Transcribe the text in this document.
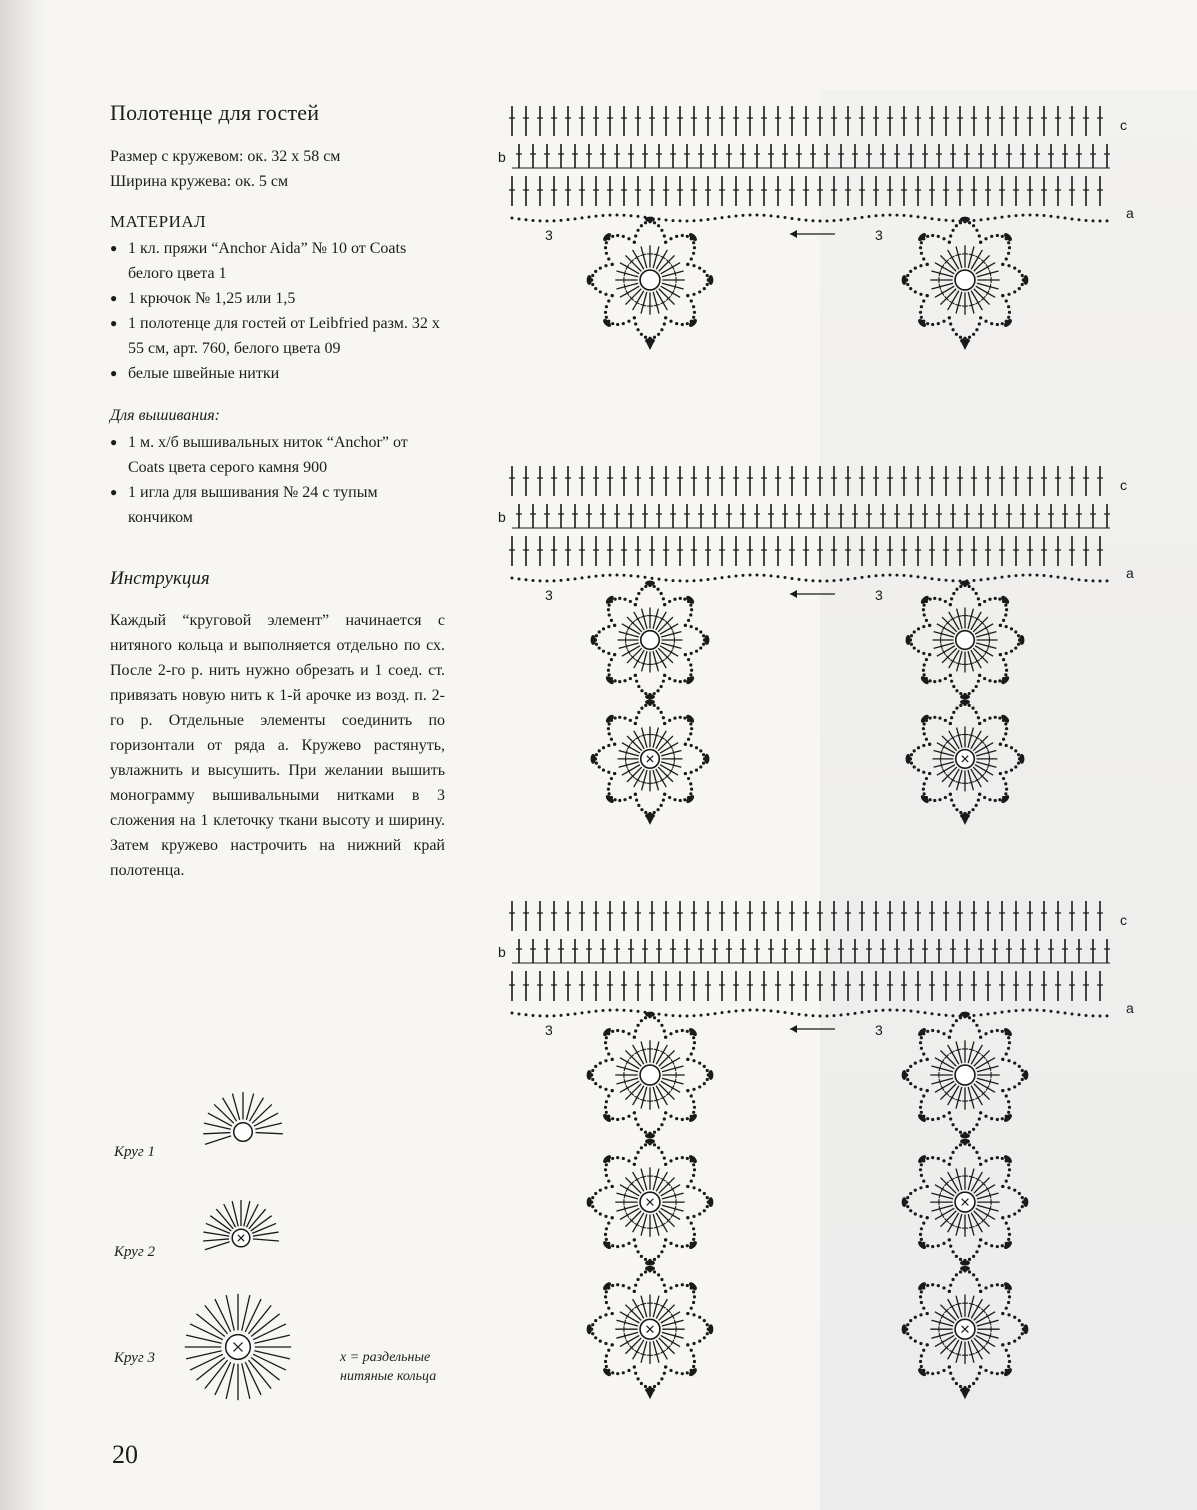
Полотенце для гостей
Размер с кружевом: ок. 32 х 58 см
Ширина кружева: ок. 5 см
МАТЕРИАЛ
● 1 кл. пряжи “Anchor Aida” № 10 от Coats белого цвета 1
● 1 крючок № 1,25 или 1,5
● 1 полотенце для гостей от Leibfried разм. 32 х 55 см, арт. 760, белого цвета 09
● белые швейные нитки
Для вышивания:
● 1 м. х/б вышивальных ниток “Anchor” от Coats цвета серого камня 900
● 1 игла для вышивания № 24 с тупым кончиком
Инструкция
Каждый “круговой элемент” начинается с нитяного кольца и выполняется отдельно по сх. После 2-го р. нить нужно обрезать и 1 соед. ст. привязать новую нить к 1-й арочке из возд. п. 2-го р. Отдельные элементы соединить по горизонтали от ряда а. Кружево растянуть, увлажнить и высушить. При желании вышить монограмму вышивальными нитками в 3 сложения на 1 клеточку ткани высоту и ширину. Затем кружево настрочить на нижний край полотенца.
Круг 1
Круг 2
Круг 3	x = раздельные нитяные кольца
20
c
b
a
3	3
c
b
a
3	3
c
b
a
3	3
